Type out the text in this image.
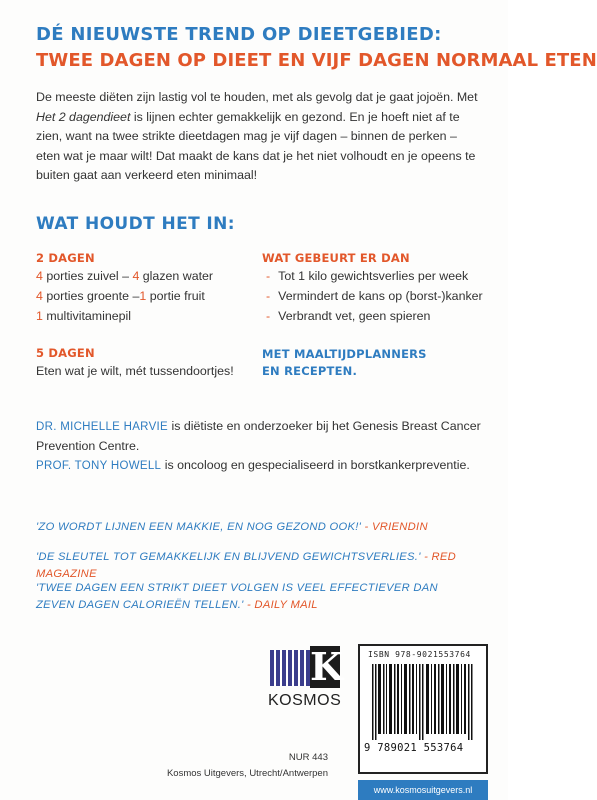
DÉ NIEUWSTE TREND OP DIEETGEBIED:
TWEE DAGEN OP DIEET EN VIJF DAGEN NORMAAL ETEN

De meeste diëten zijn lastig vol te houden, met als gevolg dat je gaat jojoën. Met Het 2 dagendieet is lijnen echter gemakkelijk en gezond. En je hoeft niet af te zien, want na twee strikte dieetdagen mag je vijf dagen – binnen de perken – eten wat je maar wilt! Dat maakt de kans dat je het niet volhoudt en je opeens te buiten gaat aan verkeerd eten minimaal!

WAT HOUDT HET IN:
2 DAGEN
4 porties zuivel – 4 glazen water
4 porties groente –1 portie fruit
1 multivitaminepil
5 DAGEN
Eten wat je wilt, mét tussendoortjes!
WAT GEBEURT ER DAN
- Tot 1 kilo gewichtsverlies per week
- Vermindert de kans op (borst-)kanker
- Verbrandt vet, geen spieren
MET MAALTIJDPLANNERS
EN RECEPTEN.

DR. MICHELLE HARVIE is diëtiste en onderzoeker bij het Genesis Breast Cancer Prevention Centre.

PROF. TONY HOWELL is oncoloog en gespecialiseerd in borstkankerpreventie.

'ZO WORDT LIJNEN EEN MAKKIE, EN NOG GEZOND OOK!' - VRIENDIN

'DE SLEUTEL TOT GEMAKKELIJK EN BLIJVEND GEWICHTSVERLIES.' - RED MAGAZINE

'TWEE DAGEN EEN STRIKT DIEET VOLGEN IS VEEL EFFECTIEVER DAN ZEVEN DAGEN CALORIEËN TELLEN.' - DAILY MAIL

K
KOSMOS
ISBN 978-9021553764
9 789021 553764
www.kosmosuitgevers.nl
NUR 443
Kosmos Uitgevers, Utrecht/Antwerpen
